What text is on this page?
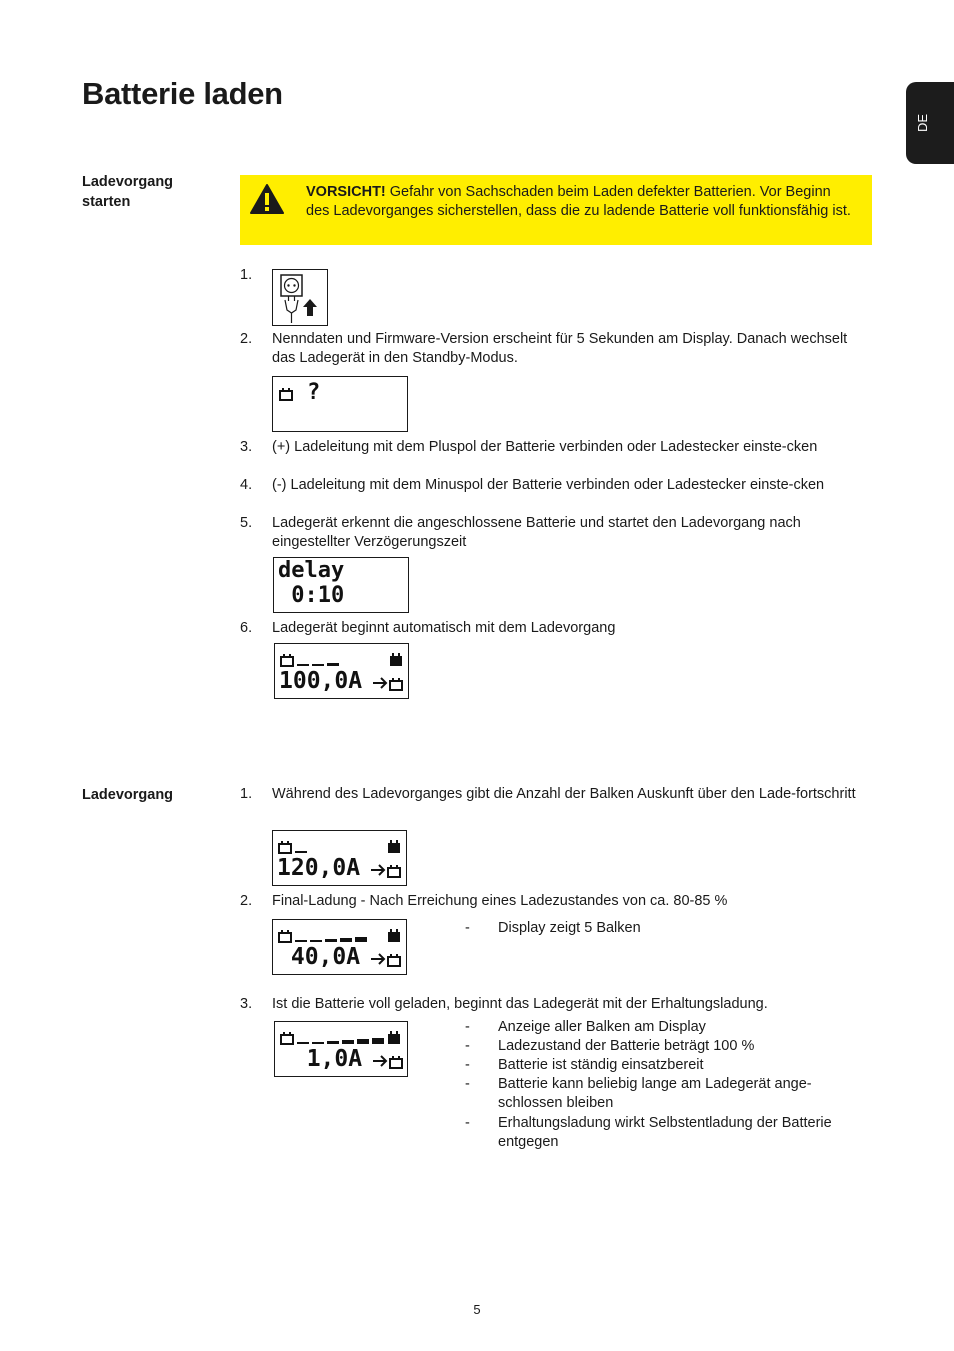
Batterie laden
DE
Ladevorgang starten
VORSICHT! Gefahr von Sachschaden beim Laden defekter Batterien. Vor Beginn des Ladevorganges sicherstellen, dass die zu ladende Batterie voll funktionsfähig ist.
1.
2. Nenndaten und Firmware-Version erscheint für 5 Sekunden am Display. Danach wechselt das Ladegerät in den Standby-Modus.
?
3. (+) Ladeleitung mit dem Pluspol der Batterie verbinden oder Ladestecker einste-cken
4. (-) Ladeleitung mit dem Minuspol der Batterie verbinden oder Ladestecker einste-cken
5. Ladegerät erkennt die angeschlossene Batterie und startet den Ladevorgang nach eingestellter Verzögerungszeit
delay
0:10
6. Ladegerät beginnt automatisch mit dem Ladevorgang
100,0A
Ladevorgang	1. Während des Ladevorganges gibt die Anzahl der Balken Auskunft über den Lade-fortschritt
120,0A
2. Final-Ladung - Nach Erreichung eines Ladezustandes von ca. 80-85 %
40,0A
- Display zeigt 5 Balken
3. Ist die Batterie voll geladen, beginnt das Ladegerät mit der Erhaltungsladung.
1,0A
- Anzeige aller Balken am Display
- Ladezustand der Batterie beträgt 100 %
- Batterie ist ständig einsatzbereit
- Batterie kann beliebig lange am Ladegerät ange-schlossen bleiben
- Erhaltungsladung wirkt Selbstentladung der Batterie entgegen
5
